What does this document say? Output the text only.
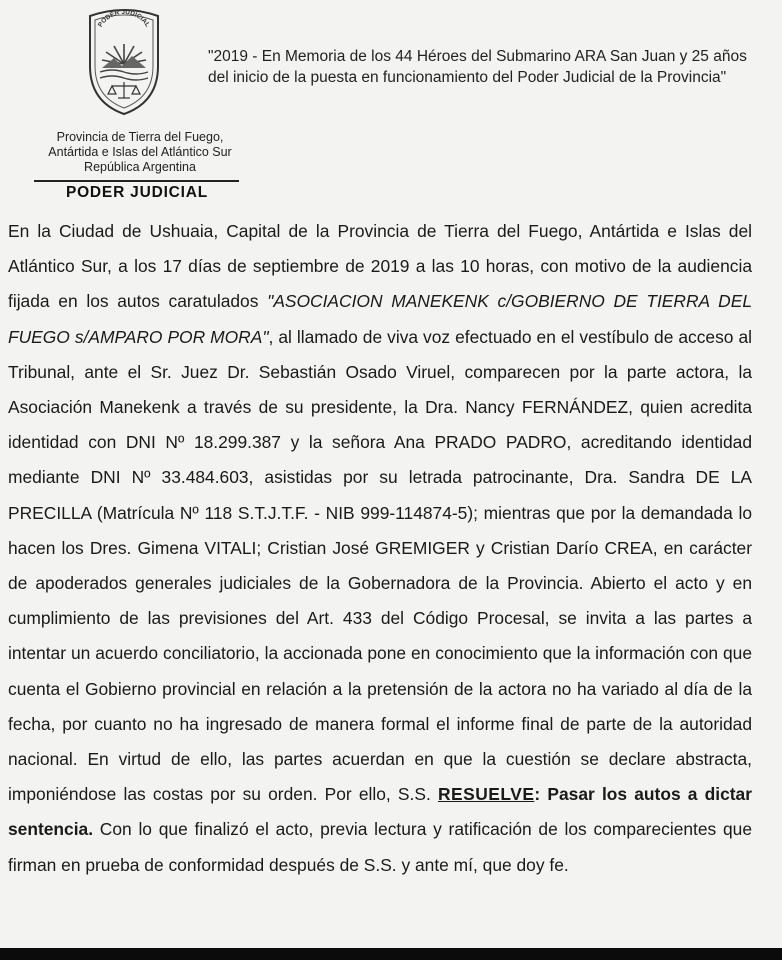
PODER JUDICIAL
"2019 - En Memoria de los 44 Héroes del Submarino ARA San Juan y 25 años
del inicio de la puesta en funcionamiento del Poder Judicial de la Provincia"
Provincia de Tierra del Fuego,
Antártida e Islas del Atlántico Sur
República Argentina
PODER JUDICIAL

En la Ciudad de Ushuaia, Capital de la Provincia de Tierra del Fuego, Antártida e Islas del Atlántico Sur, a los 17 días de septiembre de 2019 a las 10 horas, con motivo de la audiencia fijada en los autos caratulados "ASOCIACION MANEKENK c/GOBIERNO DE TIERRA DEL FUEGO s/AMPARO POR MORA", al llamado de viva voz efectuado en el vestíbulo de acceso al Tribunal, ante el Sr. Juez Dr. Sebastián Osado Viruel, comparecen por la parte actora, la Asociación Manekenk a través de su presidente, la Dra. Nancy FERNÁNDEZ, quien acredita identidad con DNI Nº 18.299.387 y la señora Ana PRADO PADRO, acreditando identidad mediante DNI Nº 33.484.603, asistidas por su letrada patrocinante, Dra. Sandra DE LA PRECILLA (Matrícula Nº 118 S.T.J.T.F. - NIB 999-114874-5); mientras que por la demandada lo hacen los Dres. Gimena VITALI; Cristian José GREMIGER y Cristian Darío CREA, en carácter de apoderados generales judiciales de la Gobernadora de la Provincia. Abierto el acto y en cumplimiento de las previsiones del Art. 433 del Código Procesal, se invita a las partes a intentar un acuerdo conciliatorio, la accionada pone en conocimiento que la información con que cuenta el Gobierno provincial en relación a la pretensión de la actora no ha variado al día de la fecha, por cuanto no ha ingresado de manera formal el informe final de parte de la autoridad nacional. En virtud de ello, las partes acuerdan en que la cuestión se declare abstracta, imponiéndose las costas por su orden. Por ello, S.S. RESUELVE: Pasar los autos a dictar sentencia. Con lo que finalizó el acto, previa lectura y ratificación de los comparecientes que firman en prueba de conformidad después de S.S. y ante mí, que doy fe.
